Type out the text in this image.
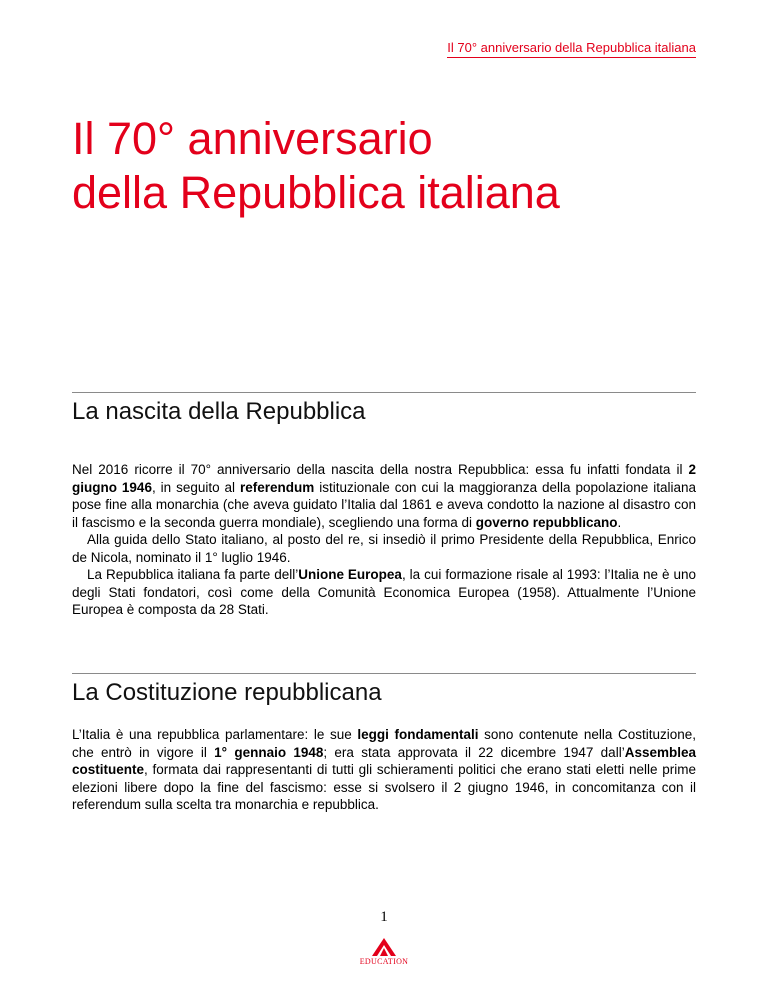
Il 70° anniversario della Repubblica italiana
Il 70° anniversario
della Repubblica italiana
La nascita della Repubblica

Nel 2016 ricorre il 70° anniversario della nascita della nostra Repubblica: essa fu infatti fondata il 2 giugno 1946, in seguito al referendum istituzionale con cui la maggioranza della popolazione italiana pose fine alla monarchia (che aveva guidato l’Italia dal 1861 e aveva condotto la nazione al disastro con il fascismo e la seconda guerra mondiale), scegliendo una forma di governo repubblicano.

Alla guida dello Stato italiano, al posto del re, si insediò il primo Presidente della Repubblica, Enrico de Nicola, nominato il 1° luglio 1946.

La Repubblica italiana fa parte dell’Unione Europea, la cui formazione risale al 1993: l’Italia ne è uno degli Stati fondatori, così come della Comunità Economica Europea (1958). Attualmente l’Unione Europea è composta da 28 Stati.

La Costituzione repubblicana

L’Italia è una repubblica parlamentare: le sue leggi fondamentali sono contenute nella Costituzione, che entrò in vigore il 1° gennaio 1948; era stata approvata il 22 dicembre 1947 dall’Assemblea costituente, formata dai rappresentanti di tutti gli schieramenti politici che erano stati eletti nelle prime elezioni libere dopo la fine del fascismo: esse si svolsero il 2 giugno 1946, in concomitanza con il referendum sulla scelta tra monarchia e repubblica.

1
EDUCATION
